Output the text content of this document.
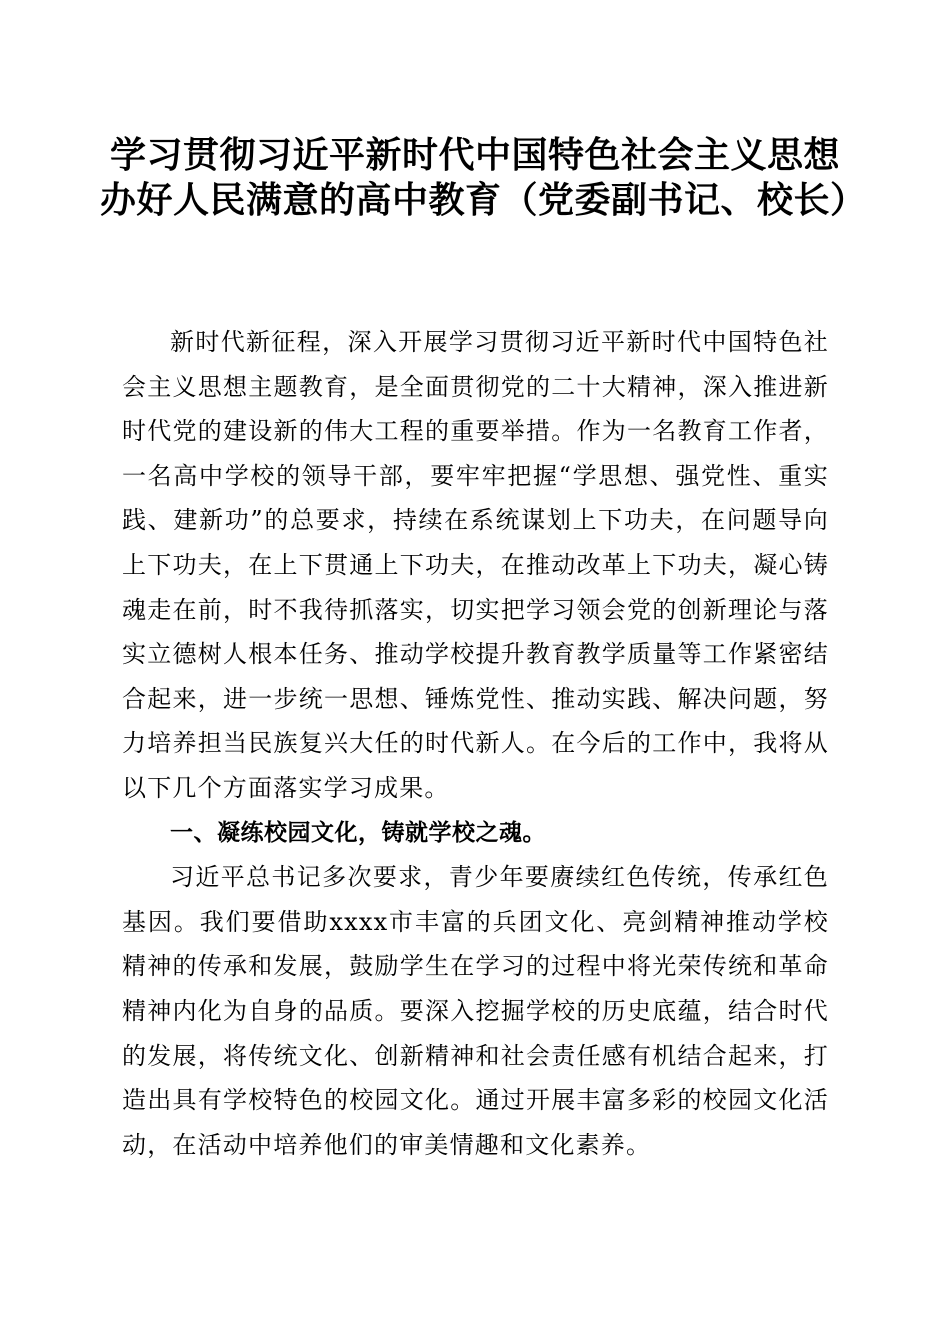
学习贯彻习近平新时代中国特色社会主义思想办好人民满意的高中教育（党委副书记、校长）

新时代新征程，深入开展学习贯彻习近平新时代中国特色社会主义思想主题教育，是全面贯彻党的二十大精神，深入推进新时代党的建设新的伟大工程的重要举措。作为一名教育工作者，一名高中学校的领导干部，要牢牢把握“学思想、强党性、重实践、建新功”的总要求，持续在系统谋划上下功夫，在问题导向上下功夫，在上下贯通上下功夫，在推动改革上下功夫，凝心铸魂走在前，时不我待抓落实，切实把学习领会党的创新理论与落实立德树人根本任务、推动学校提升教育教学质量等工作紧密结合起来，进一步统一思想、锤炼党性、推动实践、解决问题，努力培养担当民族复兴大任的时代新人。在今后的工作中，我将从以下几个方面落实学习成果。

一、凝练校园文化，铸就学校之魂。

习近平总书记多次要求，青少年要赓续红色传统，传承红色基因。我们要借助xxxx市丰富的兵团文化、亮剑精神推动学校精神的传承和发展，鼓励学生在学习的过程中将光荣传统和革命精神内化为自身的品质。要深入挖掘学校的历史底蕴，结合时代的发展，将传统文化、创新精神和社会责任感有机结合起来，打造出具有学校特色的校园文化。通过开展丰富多彩的校园文化活动，在活动中培养他们的审美情趣和文化素养。
